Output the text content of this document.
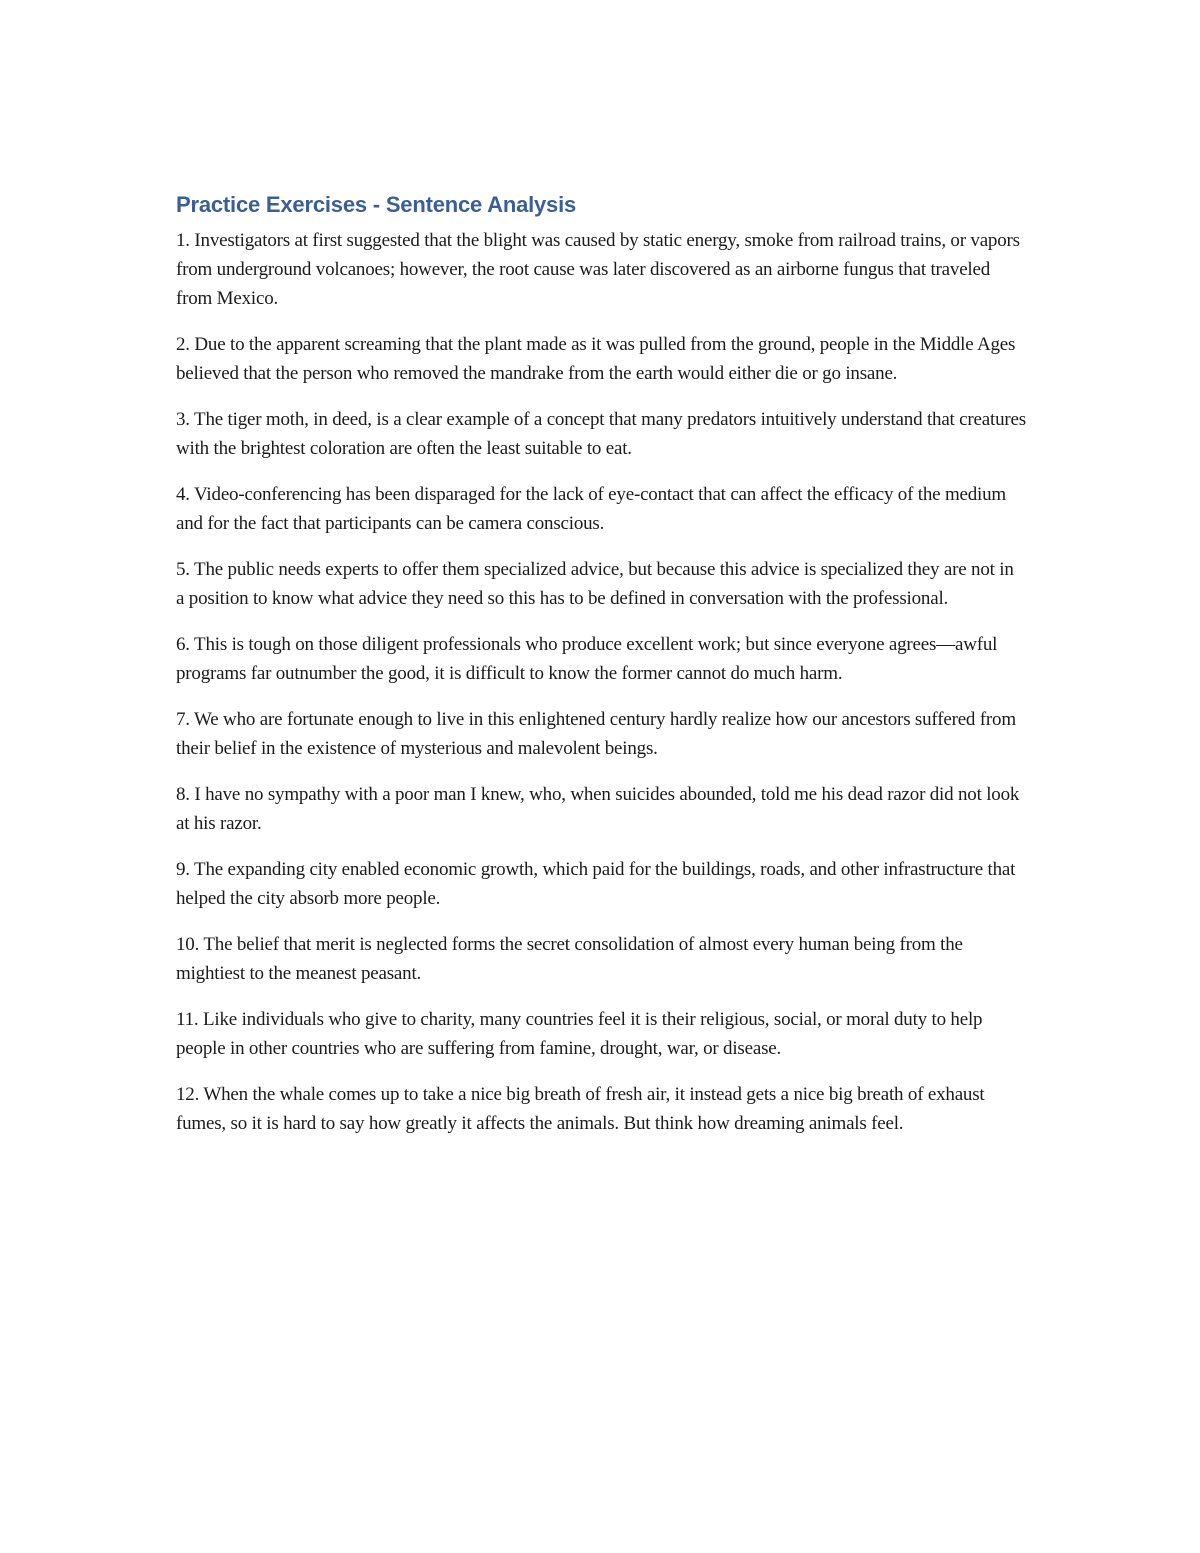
Practice Exercises - Sentence Analysis

1. Investigators at first suggested that the blight was caused by static energy, smoke from railroad trains, or vapors from underground volcanoes; however, the root cause was later discovered as an airborne fungus that traveled from Mexico.

2. Due to the apparent screaming that the plant made as it was pulled from the ground, people in the Middle Ages believed that the person who removed the mandrake from the earth would either die or go insane.

3. The tiger moth, in deed, is a clear example of a concept that many predators intuitively understand that creatures with the brightest coloration are often the least suitable to eat.

4. Video-conferencing has been disparaged for the lack of eye-contact that can affect the efficacy of the medium and for the fact that participants can be camera conscious.

5. The public needs experts to offer them specialized advice, but because this advice is specialized they are not in a position to know what advice they need so this has to be defined in conversation with the professional.

6. This is tough on those diligent professionals who produce excellent work; but since everyone agrees—awful programs far outnumber the good, it is difficult to know the former cannot do much harm.

7. We who are fortunate enough to live in this enlightened century hardly realize how our ancestors suffered from their belief in the existence of mysterious and malevolent beings.

8. I have no sympathy with a poor man I knew, who, when suicides abounded, told me his dead razor did not look at his razor.

9. The expanding city enabled economic growth, which paid for the buildings, roads, and other infrastructure that helped the city absorb more people.

10. The belief that merit is neglected forms the secret consolidation of almost every human being from the mightiest to the meanest peasant.

11. Like individuals who give to charity, many countries feel it is their religious, social, or moral duty to help people in other countries who are suffering from famine, drought, war, or disease.

12. When the whale comes up to take a nice big breath of fresh air, it instead gets a nice big breath of exhaust fumes, so it is hard to say how greatly it affects the animals. But think how dreaming animals feel.
